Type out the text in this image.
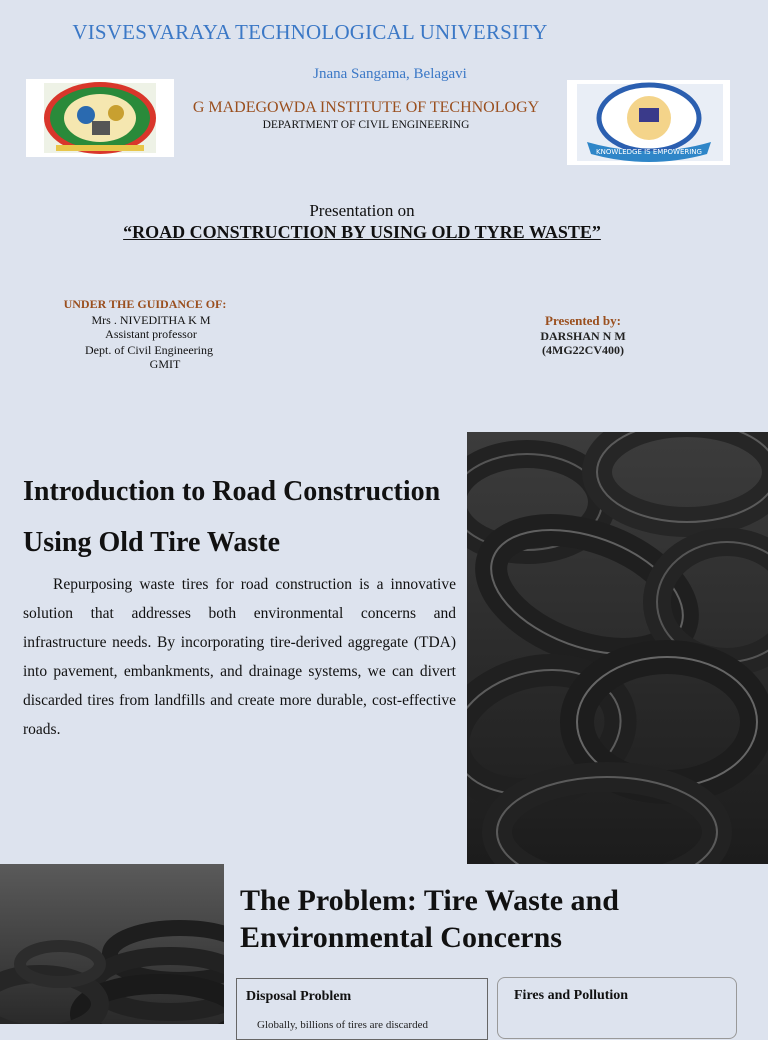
VISVESVARAYA TECHNOLOGICAL UNIVERSITY
Jnana Sangama, Belagavi
G MADEGOWDA INSTITUTE OF TECHNOLOGY
DEPARTMENT OF CIVIL ENGINEERING
KNOWLEDGE IS EMPOWERING
Presentation on
“ROAD CONSTRUCTION BY USING OLD TYRE WASTE”
UNDER THE GUIDANCE OF:
Mrs . NIVEDITHA K M
Assistant professor
Dept. of Civil Engineering
GMIT
Presented by:
DARSHAN N M
(4MG22CV400)
Introduction to Road Construction
Using Old Tire Waste
Repurposing waste tires for road construction is a innovative solution that addresses both environmental concerns and infrastructure needs. By incorporating tire-derived aggregate (TDA) into pavement, embankments, and drainage systems, we can divert discarded tires from landfills and create more durable, cost-effective roads.
The Problem: Tire Waste and
Environmental Concerns
Disposal Problem
Globally, billions of tires are discarded
Fires and Pollution
